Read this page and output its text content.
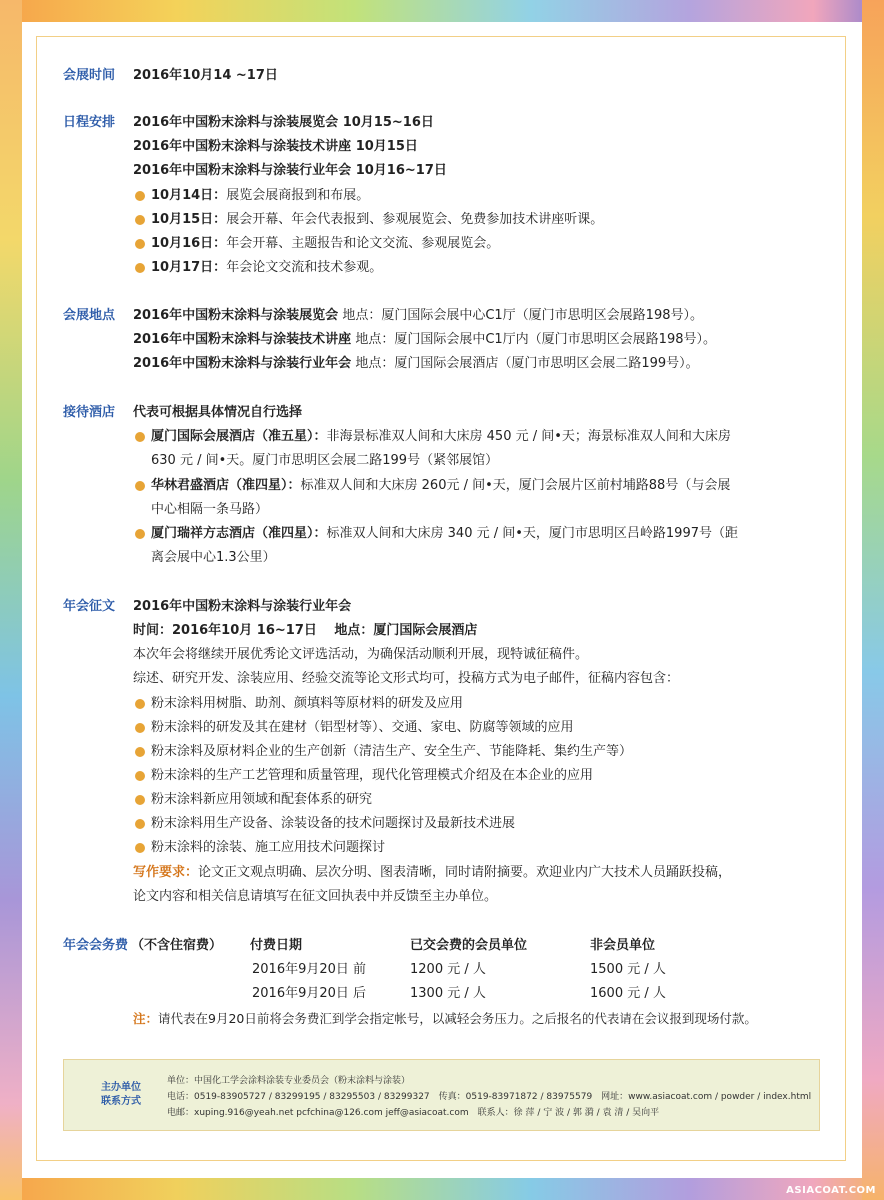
会展时间 2016年10月14 ~17日
日程安排 2016年中国粉末涂料与涂装展览会 10月15~16日
2016年中国粉末涂料与涂装技术讲座 10月15日
2016年中国粉末涂料与涂装行业年会 10月16~17日
10月14日：展览会展商报到和布展。
10月15日：展会开幕、年会代表报到、参观展览会、免费参加技术讲座听课。
10月16日：年会开幕、主题报告和论文交流、参观展览会。
10月17日：年会论文交流和技术参观。
会展地点 2016年中国粉末涂料与涂装展览会 地点：厦门国际会展中心C1厅（厦门市思明区会展路198号）。
2016年中国粉末涂料与涂装技术讲座 地点：厦门国际会展中C1厅内（厦门市思明区会展路198号）。
2016年中国粉末涂料与涂装行业年会 地点：厦门国际会展酒店（厦门市思明区会展二路199号）。
接待酒店 代表可根据具体情况自行选择
厦门国际会展酒店（准五星）：非海景标准双人间和大床房 450 元 / 间•天；海景标准双人间和大床房
630 元 / 间•天。厦门市思明区会展二路199号（紧邻展馆）
华林君盛酒店（准四星）：标准双人间和大床房 260元 / 间•天，厦门会展片区前村埔路88号（与会展
中心相隔一条马路）
厦门瑞祥方志酒店（准四星）：标准双人间和大床房 340 元 / 间•天，厦门市思明区吕岭路1997号（距
离会展中心1.3公里）
年会征文 2016年中国粉末涂料与涂装行业年会
时间：2016年10月 16~17日　 地点：厦门国际会展酒店
本次年会将继续开展优秀论文评选活动，为确保活动顺利开展，现特诚征稿件。
综述、研究开发、涂装应用、经验交流等论文形式均可，投稿方式为电子邮件，征稿内容包含：
粉末涂料用树脂、助剂、颜填料等原材料的研发及应用
粉末涂料的研发及其在建材（铝型材等）、交通、家电、防腐等领域的应用
粉末涂料及原材料企业的生产创新（清洁生产、安全生产、节能降耗、集约生产等）
粉末涂料的生产工艺管理和质量管理，现代化管理模式介绍及在本企业的应用
粉末涂料新应用领域和配套体系的研究
粉末涂料用生产设备、涂装设备的技术问题探讨及最新技术进展
粉末涂料的涂装、施工应用技术问题探讨
写作要求：论文正文观点明确、层次分明、图表清晰，同时请附摘要。欢迎业内广大技术人员踊跃投稿，
论文内容和相关信息请填写在征文回执表中并反馈至主办单位。
年会会务费 （不含住宿费） 付费日期	已交会费的会员单位	非会员单位
2016年9月20日 前	1200 元 / 人	1500 元 / 人
2016年9月20日 后	1300 元 / 人	1600 元 / 人
注：请代表在9月20日前将会务费汇到学会指定帐号，以减轻会务压力。之后报名的代表请在会议报到现场付款。
主办单位
联系方式
单位：中国化工学会涂料涂装专业委员会（粉末涂料与涂装）
电话：0519-83905727 / 83299195 / 83295503 / 83299327　传真：0519-83971872 / 83975579　网址：www.asiacoat.com / powder / index.html
电邮：xuping.916@yeah.net pcfchina@126.com jeff@asiacoat.com　联系人：徐 萍 / 宁 波 / 郭 漪 / 袁 清 / 吴向平
ASIACOAT.COM
